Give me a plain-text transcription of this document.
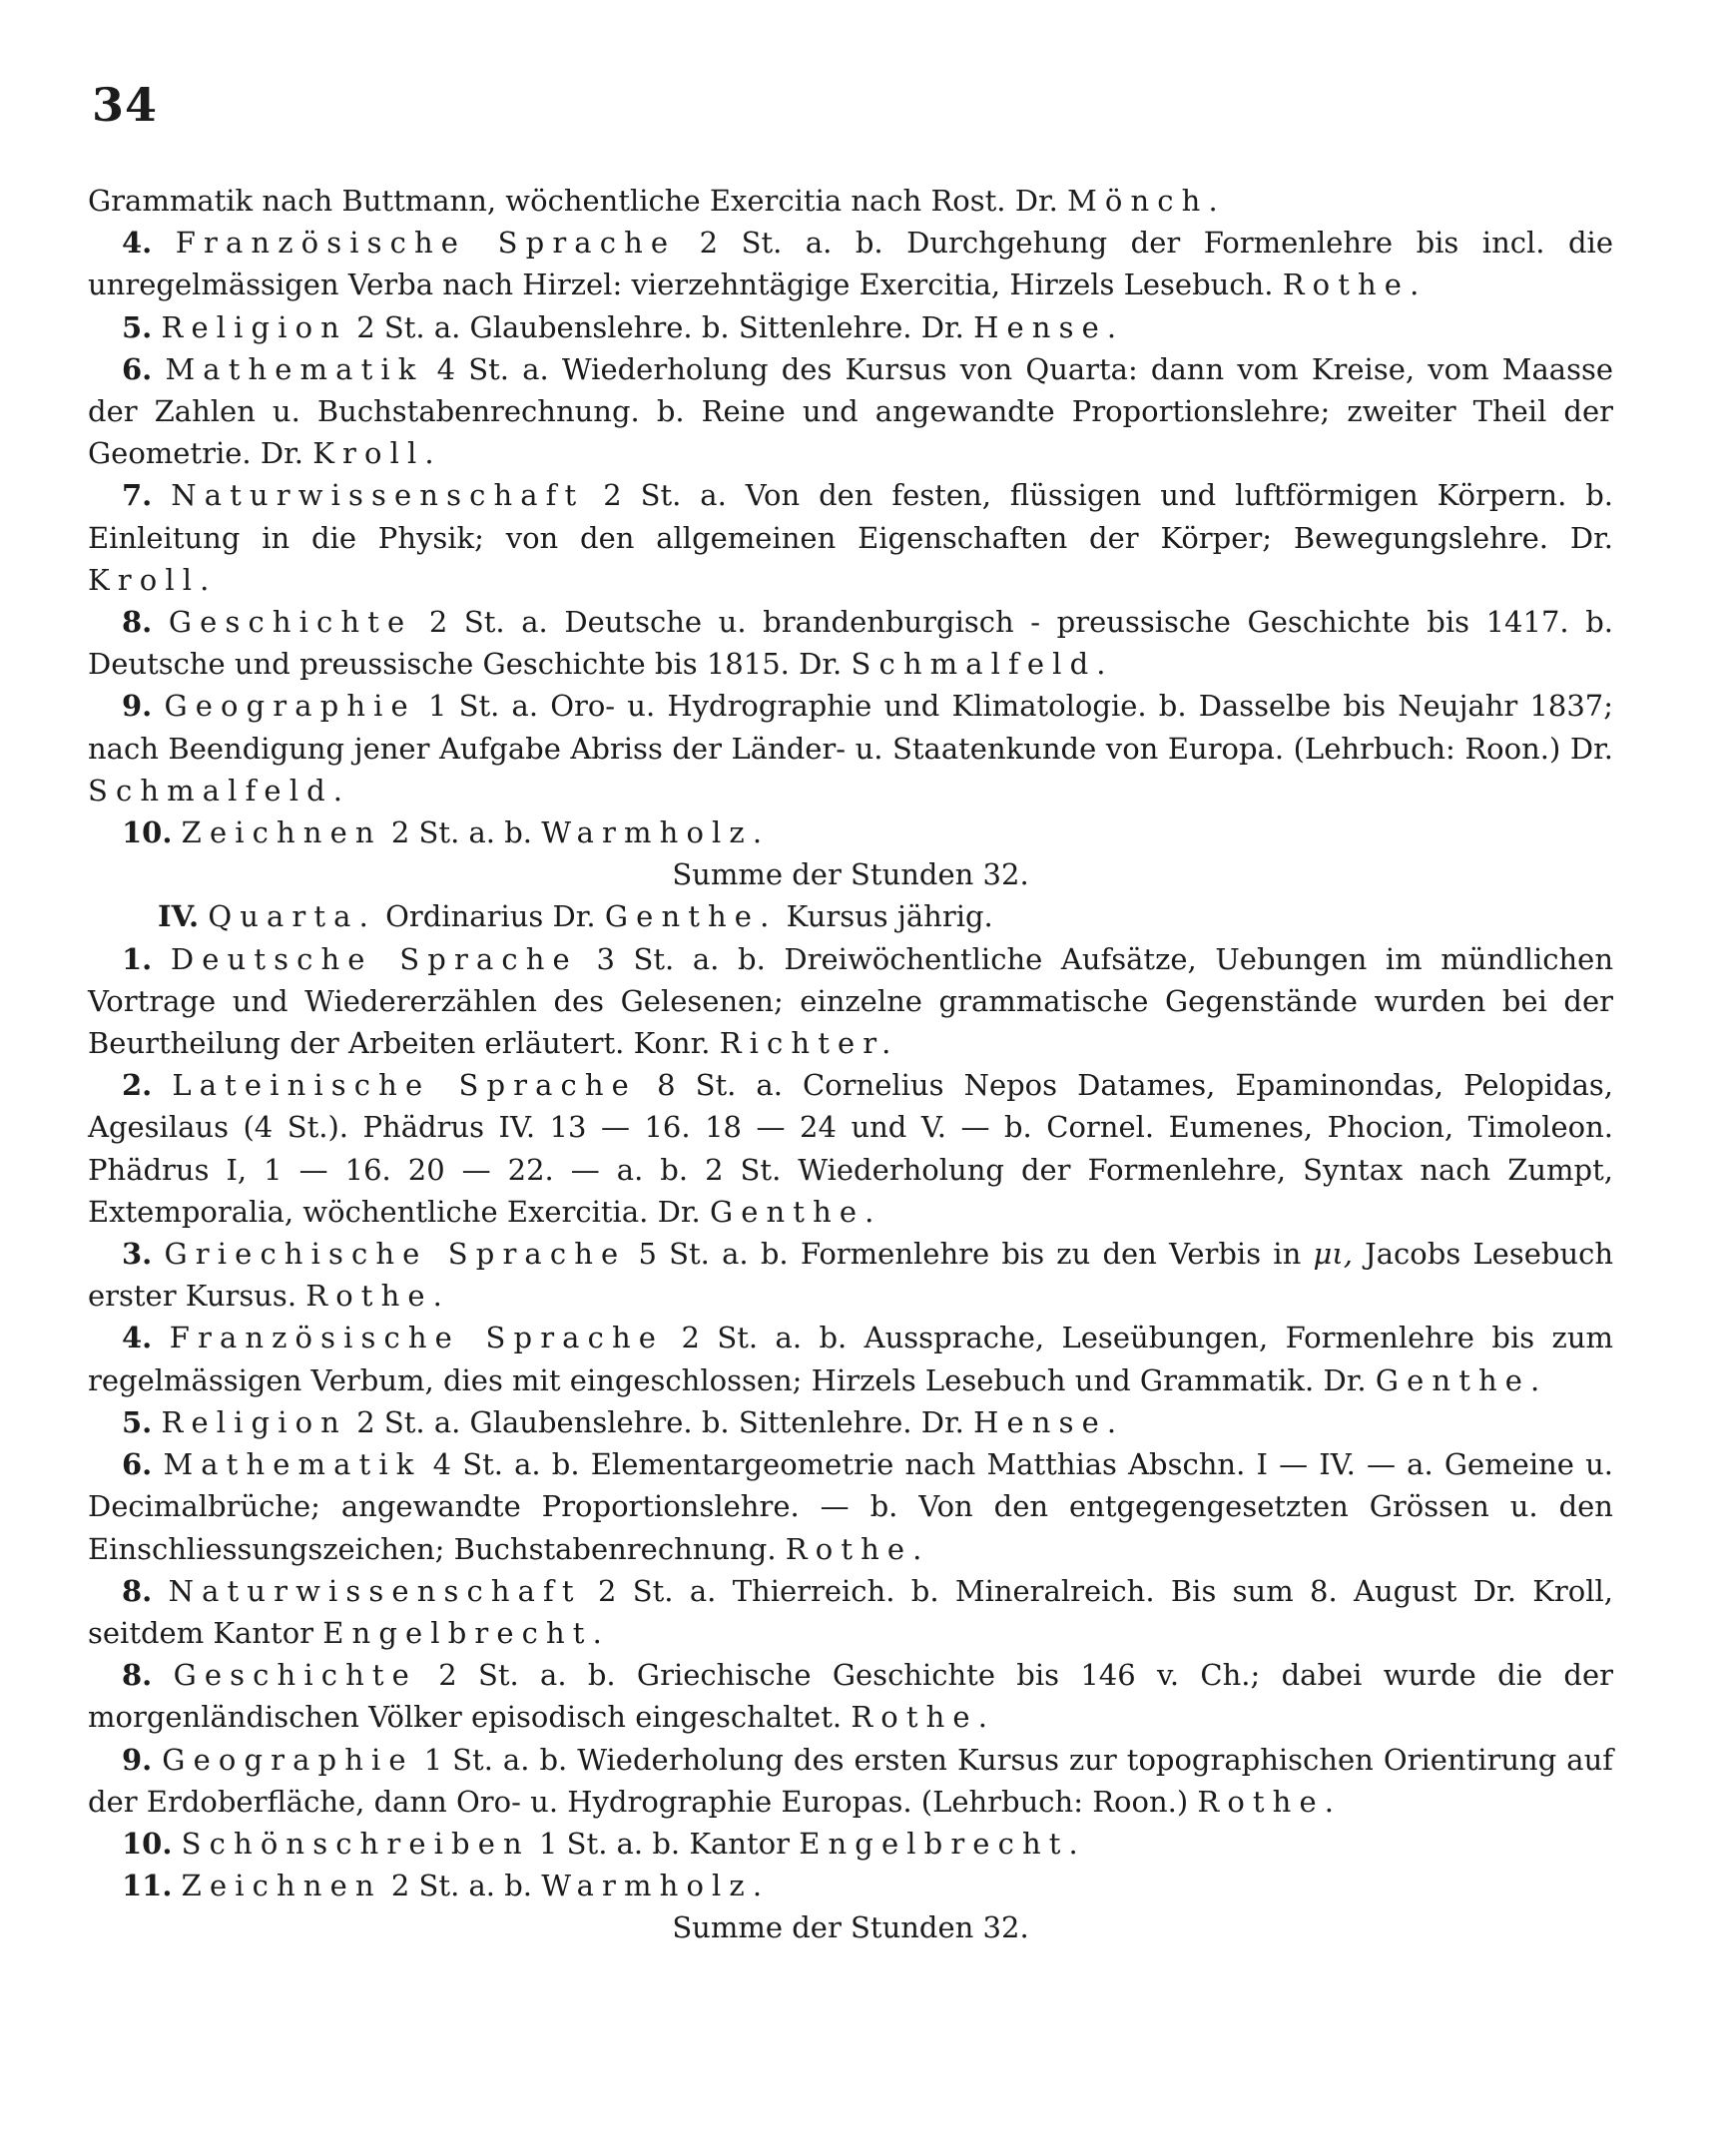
34

Grammatik nach Buttmann, wöchentliche Exercitia nach Rost. Dr. Mönch.

4. Französische Sprache 2 St. a. b. Durchgehung der Formenlehre bis incl. die unregelmässigen Verba nach Hirzel: vierzehntägige Exercitia, Hirzels Lesebuch. Rothe.

5. Religion 2 St. a. Glaubenslehre. b. Sittenlehre. Dr. Hense.

6. Mathematik 4 St. a. Wiederholung des Kursus von Quarta: dann vom Kreise, vom Maasse der Zahlen u. Buchstabenrechnung. b. Reine und angewandte Proportionslehre; zweiter Theil der Geometrie. Dr. Kroll.

7. Naturwissenschaft 2 St. a. Von den festen, flüssigen und luftförmigen Körpern. b. Einleitung in die Physik; von den allgemeinen Eigenschaften der Körper; Bewegungslehre. Dr. Kroll.

8. Geschichte 2 St. a. Deutsche u. brandenburgisch - preussische Geschichte bis 1417. b. Deutsche und preussische Geschichte bis 1815. Dr. Schmalfeld.

9. Geographie 1 St. a. Oro- u. Hydrographie und Klimatologie. b. Dasselbe bis Neujahr 1837; nach Beendigung jener Aufgabe Abriss der Länder- u. Staatenkunde von Europa. (Lehrbuch: Roon.) Dr. Schmalfeld.

10. Zeichnen 2 St. a. b. Warmholz.

Summe der Stunden 32.

IV. Quarta. Ordinarius Dr. Genthe. Kursus jährig.

1. Deutsche Sprache 3 St. a. b. Dreiwöchentliche Aufsätze, Uebungen im mündlichen Vortrage und Wiedererzählen des Gelesenen; einzelne grammatische Gegenstände wurden bei der Beurtheilung der Arbeiten erläutert. Konr. Richter.

2. Lateinische Sprache 8 St. a. Cornelius Nepos Datames, Epaminondas, Pelopidas, Agesilaus (4 St.). Phädrus IV. 13 — 16. 18 — 24 und V. — b. Cornel. Eumenes, Phocion, Timoleon. Phädrus I, 1 — 16. 20 — 22. — a. b. 2 St. Wiederholung der Formenlehre, Syntax nach Zumpt, Extemporalia, wöchentliche Exercitia. Dr. Genthe.

3. Griechische Sprache 5 St. a. b. Formenlehre bis zu den Verbis in μι, Jacobs Lesebuch erster Kursus. Rothe.

4. Französische Sprache 2 St. a. b. Aussprache, Leseübungen, Formenlehre bis zum regelmässigen Verbum, dies mit eingeschlossen; Hirzels Lesebuch und Grammatik. Dr. Genthe.

5. Religion 2 St. a. Glaubenslehre. b. Sittenlehre. Dr. Hense.

6. Mathematik 4 St. a. b. Elementargeometrie nach Matthias Abschn. I — IV. — a. Gemeine u. Decimalbrüche; angewandte Proportionslehre. — b. Von den entgegengesetzten Grössen u. den Einschliessungszeichen; Buchstabenrechnung. Rothe.

8. Naturwissenschaft 2 St. a. Thierreich. b. Mineralreich. Bis sum 8. August Dr. Kroll, seitdem Kantor Engelbrecht.

8. Geschichte 2 St. a. b. Griechische Geschichte bis 146 v. Ch.; dabei wurde die der morgenländischen Völker episodisch eingeschaltet. Rothe.

9. Geographie 1 St. a. b. Wiederholung des ersten Kursus zur topographischen Orientirung auf der Erdoberfläche, dann Oro- u. Hydrographie Europas. (Lehrbuch: Roon.) Rothe.

10. Schönschreiben 1 St. a. b. Kantor Engelbrecht.

11. Zeichnen 2 St. a. b. Warmholz.

Summe der Stunden 32.
